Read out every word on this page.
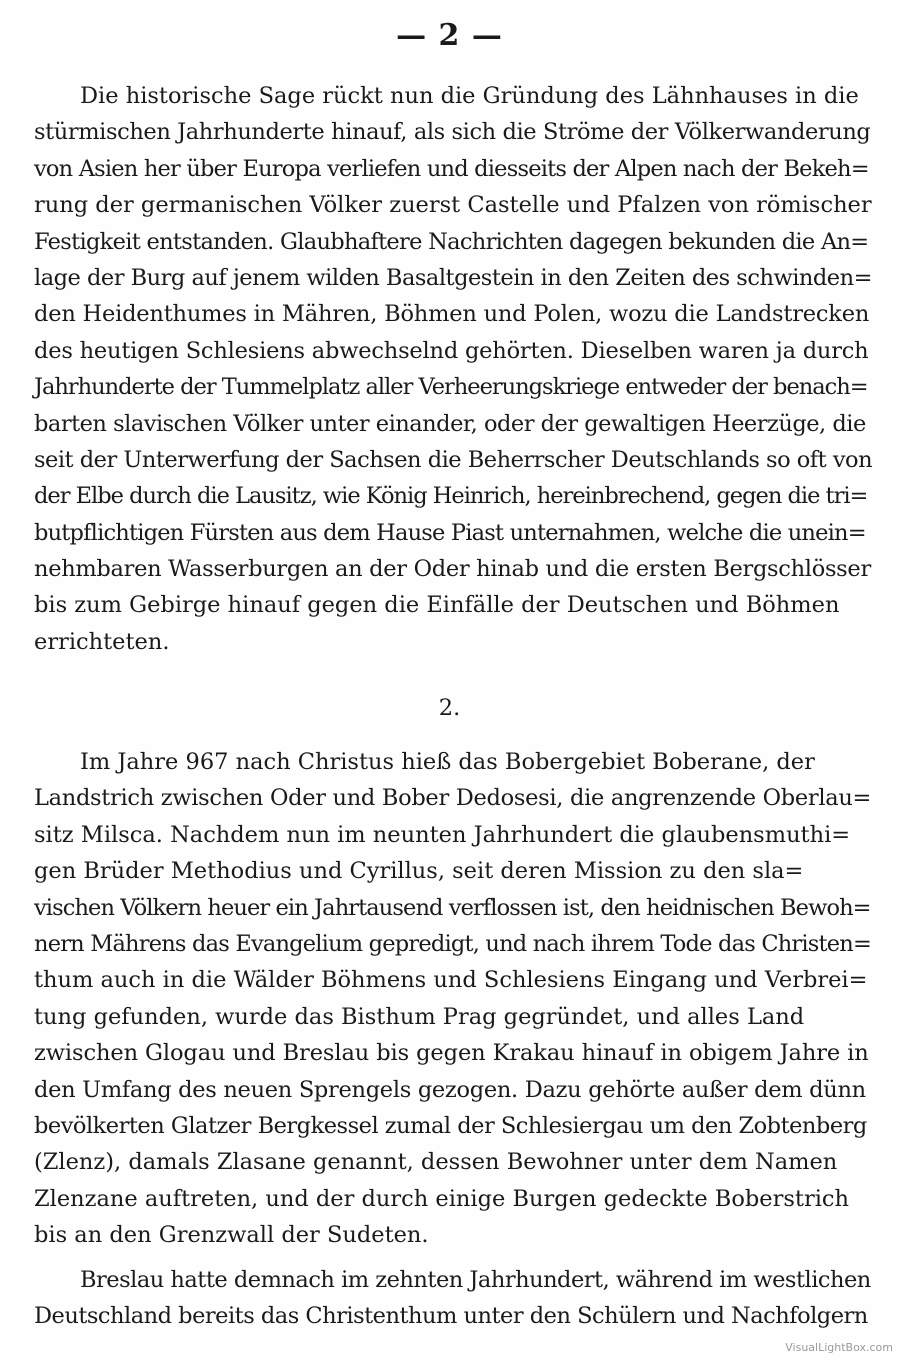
— 2 —
Die historische Sage rückt nun die Gründung des Lähnhauses in die
stürmischen Jahrhunderte hinauf, als sich die Ströme der Völkerwanderung
von Asien her über Europa verliefen und diesseits der Alpen nach der Bekeh=
rung der germanischen Völker zuerst Castelle und Pfalzen von römischer
Festigkeit entstanden. Glaubhaftere Nachrichten dagegen bekunden die An=
lage der Burg auf jenem wilden Basaltgestein in den Zeiten des schwinden=
den Heidenthumes in Mähren, Böhmen und Polen, wozu die Landstrecken
des heutigen Schlesiens abwechselnd gehörten. Dieselben waren ja durch
Jahrhunderte der Tummelplatz aller Verheerungskriege entweder der benach=
barten slavischen Völker unter einander, oder der gewaltigen Heerzüge, die
seit der Unterwerfung der Sachsen die Beherrscher Deutschlands so oft von
der Elbe durch die Lausitz, wie König Heinrich, hereinbrechend, gegen die tri=
butpflichtigen Fürsten aus dem Hause Piast unternahmen, welche die unein=
nehmbaren Wasserburgen an der Oder hinab und die ersten Bergschlösser
bis zum Gebirge hinauf gegen die Einfälle der Deutschen und Böhmen
errichteten.
2.
Im Jahre 967 nach Christus hieß das Bobergebiet Boberane, der
Landstrich zwischen Oder und Bober Dedosesi, die angrenzende Oberlau=
sitz Milsca. Nachdem nun im neunten Jahrhundert die glaubensmuthi=
gen Brüder Methodius und Cyrillus, seit deren Mission zu den sla=
vischen Völkern heuer ein Jahrtausend verflossen ist, den heidnischen Bewoh=
nern Mährens das Evangelium gepredigt, und nach ihrem Tode das Christen=
thum auch in die Wälder Böhmens und Schlesiens Eingang und Verbrei=
tung gefunden, wurde das Bisthum Prag gegründet, und alles Land
zwischen Glogau und Breslau bis gegen Krakau hinauf in obigem Jahre in
den Umfang des neuen Sprengels gezogen. Dazu gehörte außer dem dünn
bevölkerten Glatzer Bergkessel zumal der Schlesiergau um den Zobtenberg
(Zlenz), damals Zlasane genannt, dessen Bewohner unter dem Namen
Zlenzane auftreten, und der durch einige Burgen gedeckte Boberstrich
bis an den Grenzwall der Sudeten.
Breslau hatte demnach im zehnten Jahrhundert, während im westlichen
Deutschland bereits das Christenthum unter den Schülern und Nachfolgern
VisualLightBox.com
